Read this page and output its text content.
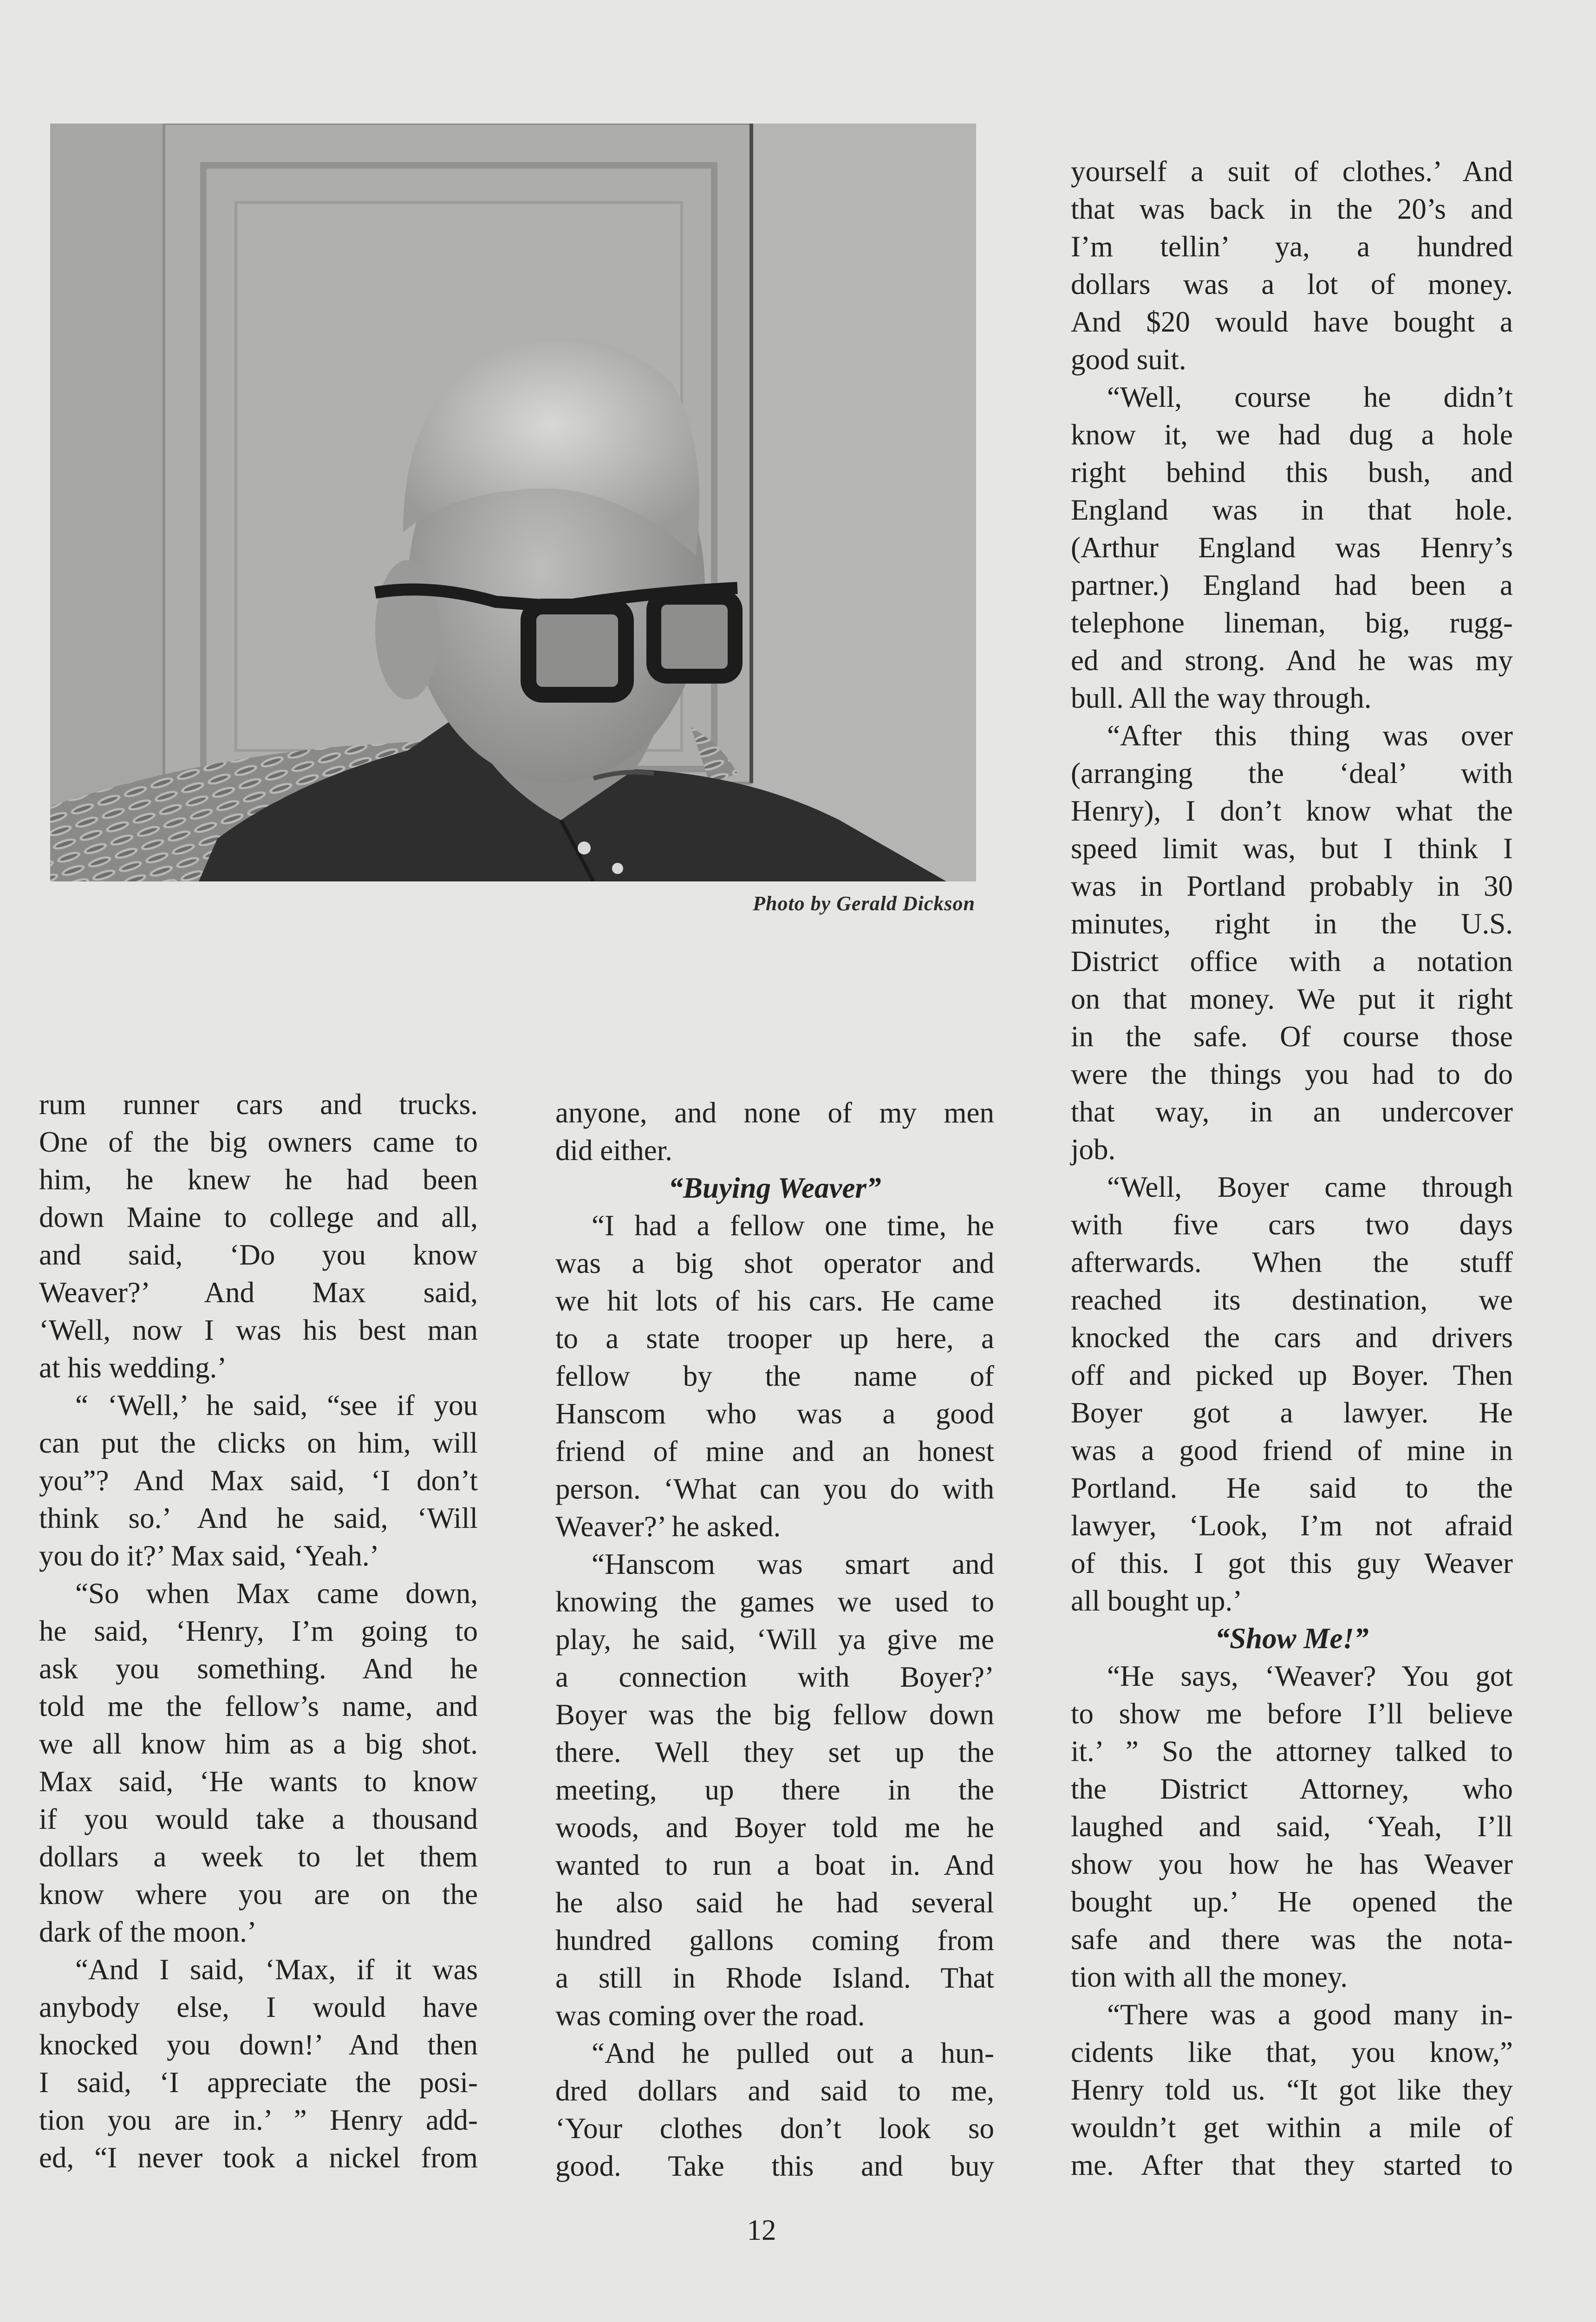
Photo by Gerald Dickson

rum runner cars and trucks.
One of the big owners came to
him, he knew he had been
down Maine to college and all,
and said, ‘Do you know
Weaver?’ And Max said,
‘Well, now I was his best man
at his wedding.’

“ ‘Well,’ he said, “see if you
can put the clicks on him, will
you”? And Max said, ‘I don’t
think so.’ And he said, ‘Will
you do it?’ Max said, ‘Yeah.’

“So when Max came down,
he said, ‘Henry, I’m going to
ask you something. And he
told me the fellow’s name, and
we all know him as a big shot.
Max said, ‘He wants to know
if you would take a thousand
dollars a week to let them
know where you are on the
dark of the moon.’

“And I said, ‘Max, if it was
anybody else, I would have
knocked you down!’ And then
I said, ‘I appreciate the posi-
tion you are in.’ ” Henry add-
ed, “I never took a nickel from

anyone, and none of my men
did either.

“Buying Weaver”

“I had a fellow one time, he
was a big shot operator and
we hit lots of his cars. He came
to a state trooper up here, a
fellow by the name of
Hanscom who was a good
friend of mine and an honest
person. ‘What can you do with
Weaver?’ he asked.

“Hanscom was smart and
knowing the games we used to
play, he said, ‘Will ya give me
a connection with Boyer?’
Boyer was the big fellow down
there. Well they set up the
meeting, up there in the
woods, and Boyer told me he
wanted to run a boat in. And
he also said he had several
hundred gallons coming from
a still in Rhode Island. That
was coming over the road.

“And he pulled out a hun-
dred dollars and said to me,
‘Your clothes don’t look so
good. Take this and buy

yourself a suit of clothes.’ And
that was back in the 20’s and
I’m tellin’ ya, a hundred
dollars was a lot of money.
And $20 would have bought a
good suit.

“Well, course he didn’t
know it, we had dug a hole
right behind this bush, and
England was in that hole.
(Arthur England was Henry’s
partner.) England had been a
telephone lineman, big, rugg-
ed and strong. And he was my
bull. All the way through.

“After this thing was over
(arranging the ‘deal’ with
Henry), I don’t know what the
speed limit was, but I think I
was in Portland probably in 30
minutes, right in the U.S.
District office with a notation
on that money. We put it right
in the safe. Of course those
were the things you had to do
that way, in an undercover
job.

“Well, Boyer came through
with five cars two days
afterwards. When the stuff
reached its destination, we
knocked the cars and drivers
off and picked up Boyer. Then
Boyer got a lawyer. He
was a good friend of mine in
Portland. He said to the
lawyer, ‘Look, I’m not afraid
of this. I got this guy Weaver
all bought up.’

“Show Me!”

“He says, ‘Weaver? You got
to show me before I’ll believe
it.’ ” So the attorney talked to
the District Attorney, who
laughed and said, ‘Yeah, I’ll
show you how he has Weaver
bought up.’ He opened the
safe and there was the nota-
tion with all the money.

“There was a good many in-
cidents like that, you know,”
Henry told us. “It got like they
wouldn’t get within a mile of
me. After that they started to

12
